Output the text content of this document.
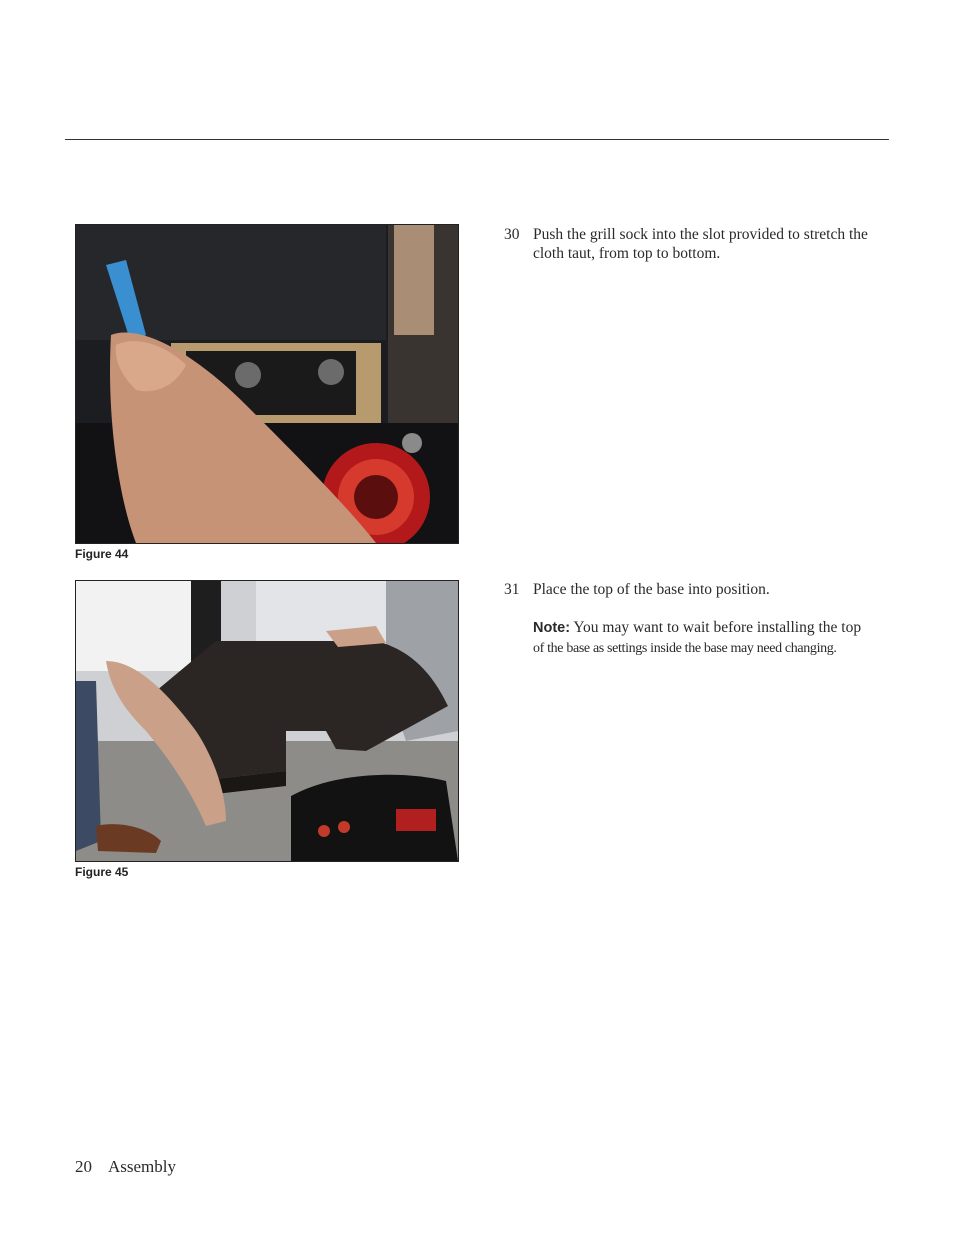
Figure 44
Figure 45
30 Push the grill sock into the slot provided to stretch the cloth taut, from top to bottom.
31 Place the top of the base into position.
Note: You may want to wait before installing the top
of the base as settings inside the base may need changing.
20 Assembly
